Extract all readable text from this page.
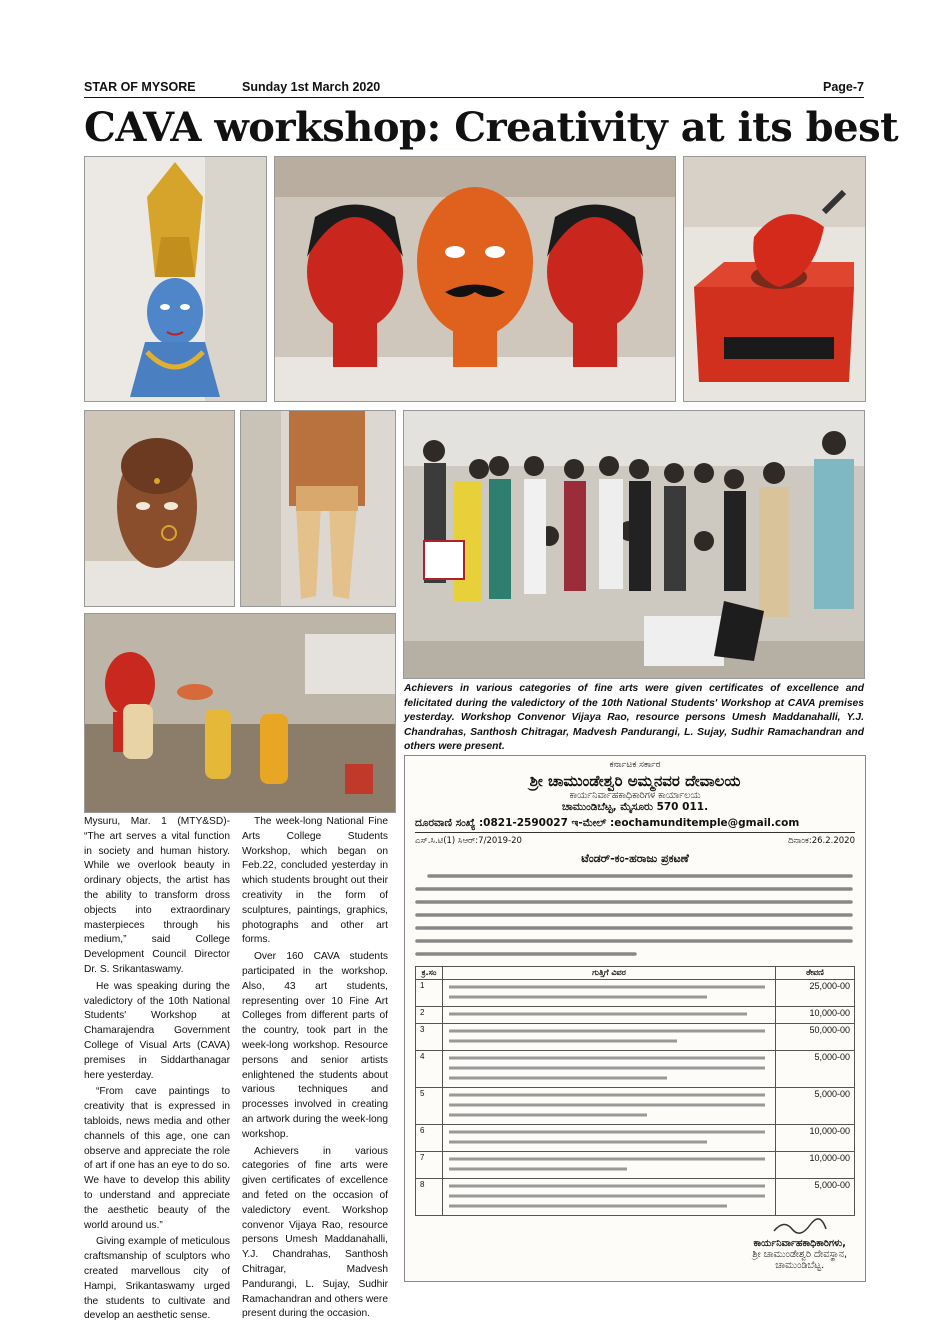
STAR OF MYSORE	Sunday 1st March 2020	Page-7
CAVA workshop: Creativity at its best
Achievers in various categories of fine arts were given certificates of excellence and felicitated during the valedictory of the 10th National Students' Workshop at CAVA premises yesterday. Workshop Convenor Vijaya Rao, resource persons Umesh Maddanahalli, Y.J. Chandrahas, Santhosh Chitragar, Madvesh Pandurangi, L. Sujay, Sudhir Ramachandran and others were present.

Mysuru, Mar. 1 (MTY&SD)- “The art serves a vital function in society and human history. While we overlook beauty in ordinary objects, the artist has the ability to transform dross objects into extraordinary masterpieces through his medium,” said College Development Council Director Dr. S. Srikantaswamy.

He was speaking during the valedictory of the 10th National Students' Workshop at Chamarajendra Government College of Visual Arts (CAVA) premises in Siddarthanagar here yesterday.

“From cave paintings to creativity that is expressed in tabloids, news media and other channels of this age, one can observe and appreciate the role of art if one has an eye to do so. We have to develop this ability to understand and appreciate the aesthetic beauty of the world around us.”

Giving example of meticulous craftsmanship of sculptors who created marvellous city of Hampi, Srikantaswamy urged the students to cultivate and develop an aesthetic sense.

The week-long National Fine Arts College Students Workshop, which began on Feb.22, concluded yesterday in which students brought out their creativity in the form of sculptures, paintings, graphics, photographs and other art forms.

Over 160 CAVA students participated in the workshop. Also, 43 art students, representing over 10 Fine Art Colleges from different parts of the country, took part in the week-long workshop. Resource persons and senior artists enlightened the students about various techniques and processes involved in creating an artwork during the week-long workshop.

Achievers in various categories of fine arts were given certificates of excellence and feted on the occasion of valedictory event. Workshop convenor Vijaya Rao, resource persons Umesh Maddanahalli, Y.J. Chandrahas, Santhosh Chitragar, Madvesh Pandurangi, L. Sujay, Sudhir Ramachandran and others were present during the occasion.

ಕರ್ನಾಟಕ ಸರ್ಕಾರ
ಶ್ರೀ ಚಾಮುಂಡೇಶ್ವರಿ ಅಮ್ಮನವರ ದೇವಾಲಯ
ಕಾರ್ಯನಿರ್ವಾಹಕಾಧಿಕಾರಿಗಳ ಕಾರ್ಯಾಲಯ
ಚಾಮುಂಡಿಬೆಟ್ಟ, ಮೈಸೂರು 570 011.
ದೂರವಾಣಿ ಸಂಖ್ಯೆ :0821-2590027 ಇ-ಮೇಲ್ :eochamunditemple@gmail.com
ಎಸ್.ಸಿ.ಟಿ(1) ಸಿಆರ್:7/2019-20	ದಿನಾಂಕ:26.2.2020
ಟೆಂಡರ್-ಕಂ-ಹರಾಜು ಪ್ರಕಟಣೆ
ಕ್ರ.ಸಂ	ಗುತ್ತಿಗೆ ವಿವರ	ಠೇವಣಿ
1		25,000-00
2		10,000-00
3		50,000-00
4		5,000-00
5		5,000-00
6		10,000-00
7		10,000-00
8		5,000-00
ಕಾರ್ಯನಿರ್ವಾಹಕಾಧಿಕಾರಿಗಳು,
ಶ್ರೀ ಚಾಮುಂಡೇಶ್ವರಿ ದೇವಸ್ಥಾನ,
ಚಾಮುಂಡಿಬೆಟ್ಟ.
